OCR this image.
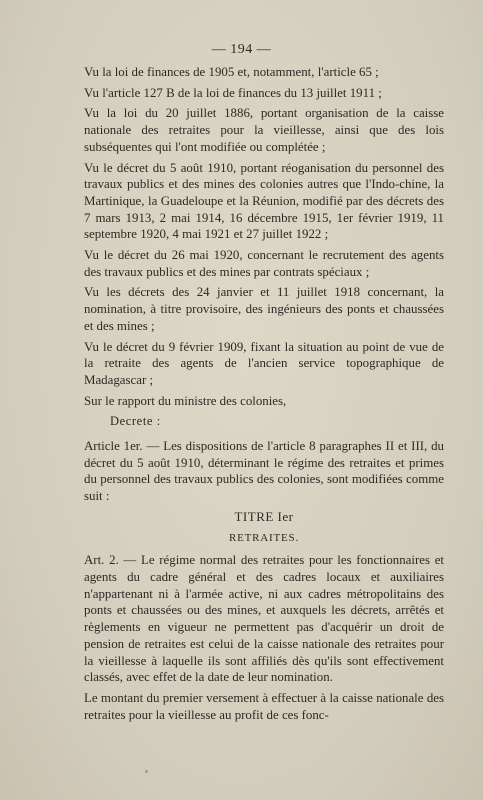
— 194 —

Vu la loi de finances de 1905 et, notamment, l'article 65 ;

Vu l'article 127 B de la loi de finances du 13 juillet 1911 ;

Vu la loi du 20 juillet 1886, portant organisation de la caisse nationale des retraites pour la vieillesse, ainsi que des lois subséquentes qui l'ont modifiée ou complétée ;

Vu le décret du 5 août 1910, portant réoganisation du personnel des travaux publics et des mines des colonies autres que l'Indo-chine, la Martinique, la Guadeloupe et la Réunion, modifié par des décrets des 7 mars 1913, 2 mai 1914, 16 décembre 1915, 1er février 1919, 11 septembre 1920, 4 mai 1921 et 27 juillet 1922 ;

Vu le décret du 26 mai 1920, concernant le recrutement des agents des travaux publics et des mines par contrats spéciaux ;

Vu les décrets des 24 janvier et 11 juillet 1918 concernant, la nomination, à titre provisoire, des ingénieurs des ponts et chaussées et des mines ;

Vu le décret du 9 février 1909, fixant la situation au point de vue de la retraite des agents de l'ancien service topographique de Madagascar ;

Sur le rapport du ministre des colonies,

Decrete :

Article 1er. — Les dispositions de l'article 8 paragraphes II et III, du décret du 5 août 1910, déterminant le régime des retraites et primes du personnel des travaux publics des colonies, sont modifiées comme suit :

TITRE Ier

RETRAITES.

Art. 2. — Le régime normal des retraites pour les fonctionnaires et agents du cadre général et des cadres locaux et auxiliaires n'appartenant ni à l'armée active, ni aux cadres métropolitains des ponts et chaussées ou des mines, et auxquels les décrets, arrêtés et règlements en vigueur ne permettent pas d'acquérir un droit de pension de retraites est celui de la caisse nationale des retraites pour la vieillesse à laquelle ils sont affiliés dès qu'ils sont effectivement classés, avec effet de la date de leur nomination.

Le montant du premier versement à effectuer à la caisse nationale des retraites pour la vieillesse au profit de ces fonc-
